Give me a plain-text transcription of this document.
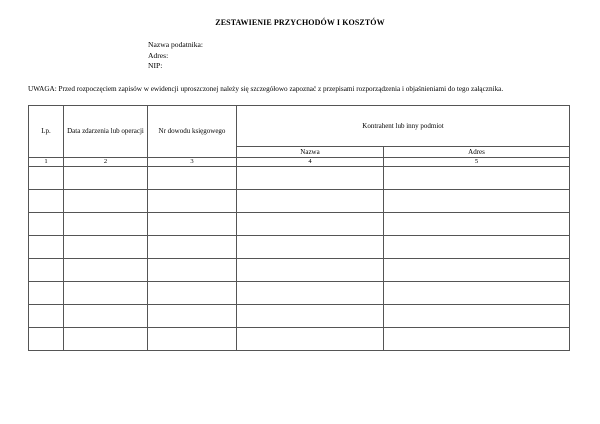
ZESTAWIENIE PRZYCHODÓW I KOSZTÓW
Nazwa podatnika:
Adres:
NIP:
UWAGA: Przed rozpoczęciem zapisów w ewidencji uproszczonej należy się szczegółowo zapoznać z przepisami rozporządzenia i objaśnieniami do tego załącznika.
Lp.	Data zdarzenia lub operacji	Nr dowodu księgowego	Kontrahent lub inny podmiot	
			Nazwa	Adres
1	2	3	4	5
